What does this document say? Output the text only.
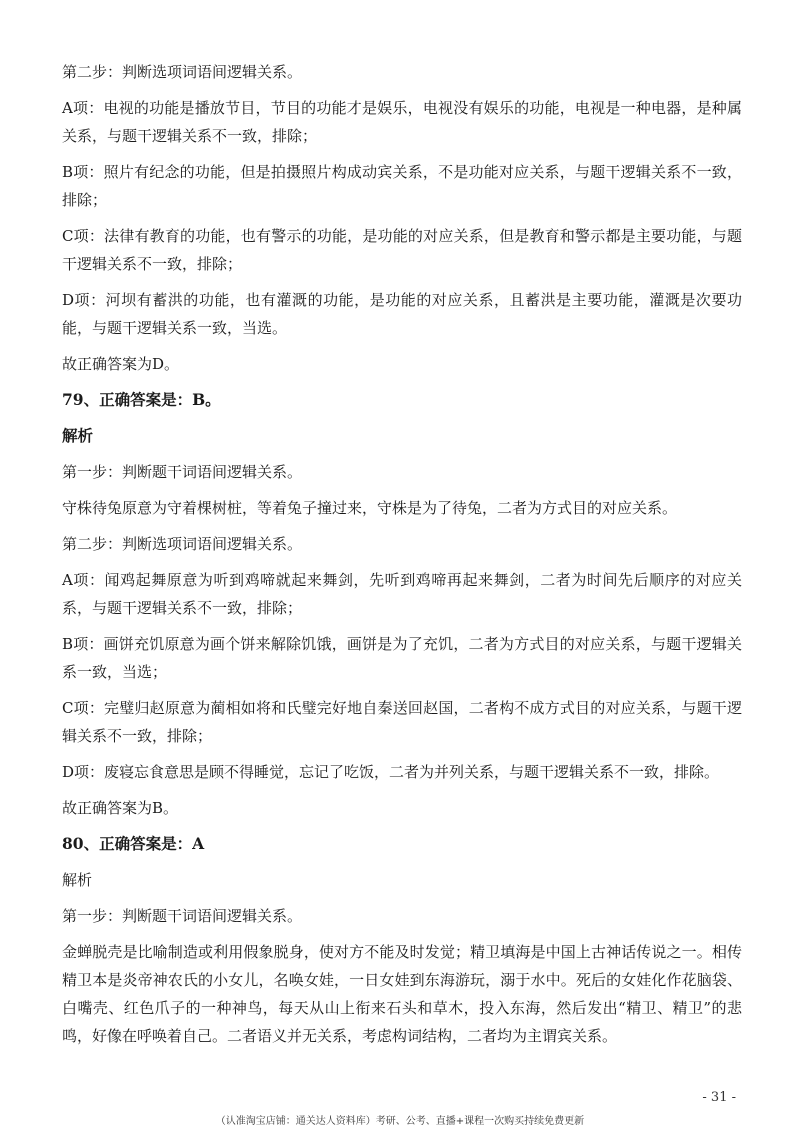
第二步：判断选项词语间逻辑关系。

A项：电视的功能是播放节目，节目的功能才是娱乐，电视没有娱乐的功能，电视是一种电器，是种属关系，与题干逻辑关系不一致，排除；

B项：照片有纪念的功能，但是拍摄照片构成动宾关系，不是功能对应关系，与题干逻辑关系不一致，排除；

C项：法律有教育的功能，也有警示的功能，是功能的对应关系，但是教育和警示都是主要功能，与题干逻辑关系不一致，排除；

D项：河坝有蓄洪的功能，也有灌溉的功能，是功能的对应关系，且蓄洪是主要功能，灌溉是次要功能，与题干逻辑关系一致，当选。

故正确答案为D。

79、正确答案是：B。

解析

第一步：判断题干词语间逻辑关系。

守株待兔原意为守着棵树桩，等着兔子撞过来，守株是为了待兔，二者为方式目的对应关系。

第二步：判断选项词语间逻辑关系。

A项：闻鸡起舞原意为听到鸡啼就起来舞剑，先听到鸡啼再起来舞剑，二者为时间先后顺序的对应关系，与题干逻辑关系不一致，排除；

B项：画饼充饥原意为画个饼来解除饥饿，画饼是为了充饥，二者为方式目的对应关系，与题干逻辑关系一致，当选；

C项：完璧归赵原意为蔺相如将和氏璧完好地自秦送回赵国，二者构不成方式目的对应关系，与题干逻辑关系不一致，排除；

D项：废寝忘食意思是顾不得睡觉，忘记了吃饭，二者为并列关系，与题干逻辑关系不一致，排除。

故正确答案为B。

80、正确答案是：A

解析

第一步：判断题干词语间逻辑关系。

金蝉脱壳是比喻制造或利用假象脱身，使对方不能及时发觉；精卫填海是中国上古神话传说之一。相传精卫本是炎帝神农氏的小女儿，名唤女娃，一日女娃到东海游玩，溺于水中。死后的女娃化作花脑袋、白嘴壳、红色爪子的一种神鸟，每天从山上衔来石头和草木，投入东海，然后发出“精卫、精卫”的悲鸣，好像在呼唤着自己。二者语义并无关系，考虑构词结构，二者均为主谓宾关系。

- 31 -
（认准淘宝店铺：通关达人资料库）考研、公考、直播+课程一次购买持续免费更新
